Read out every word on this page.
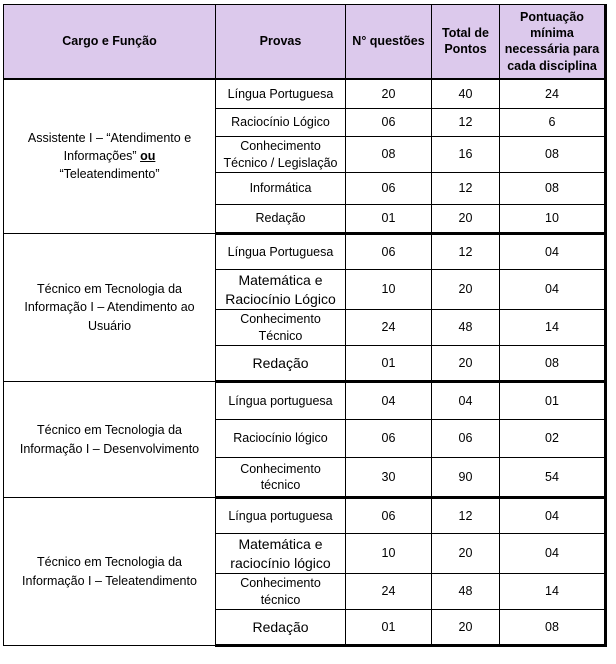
Cargo e Função	Provas	N° questões	Total de Pontos	Pontuação mínima necessária para cada disciplina
Assistente I – “Atendimento e
Informações” ou
“Teleatendimento”	Língua Portuguesa	20	40	24
	Raciocínio Lógico	06	12	6
	Conhecimento Técnico / Legislação	08	16	08
	Informática	06	12	08
	Redação	01	20	10
Técnico em Tecnologia da Informação I – Atendimento ao Usuário	Língua Portuguesa	06	12	04
	Matemática e Raciocínio Lógico	10	20	04
	Conhecimento Técnico	24	48	14
	Redação	01	20	08
Técnico em Tecnologia da Informação I – Desenvolvimento	Língua portuguesa	04	04	01
	Raciocínio lógico	06	06	02
	Conhecimento técnico	30	90	54
Técnico em Tecnologia da Informação I – Teleatendimento	Língua portuguesa	06	12	04
	Matemática e raciocínio lógico	10	20	04
	Conhecimento técnico	24	48	14
	Redação	01	20	08
